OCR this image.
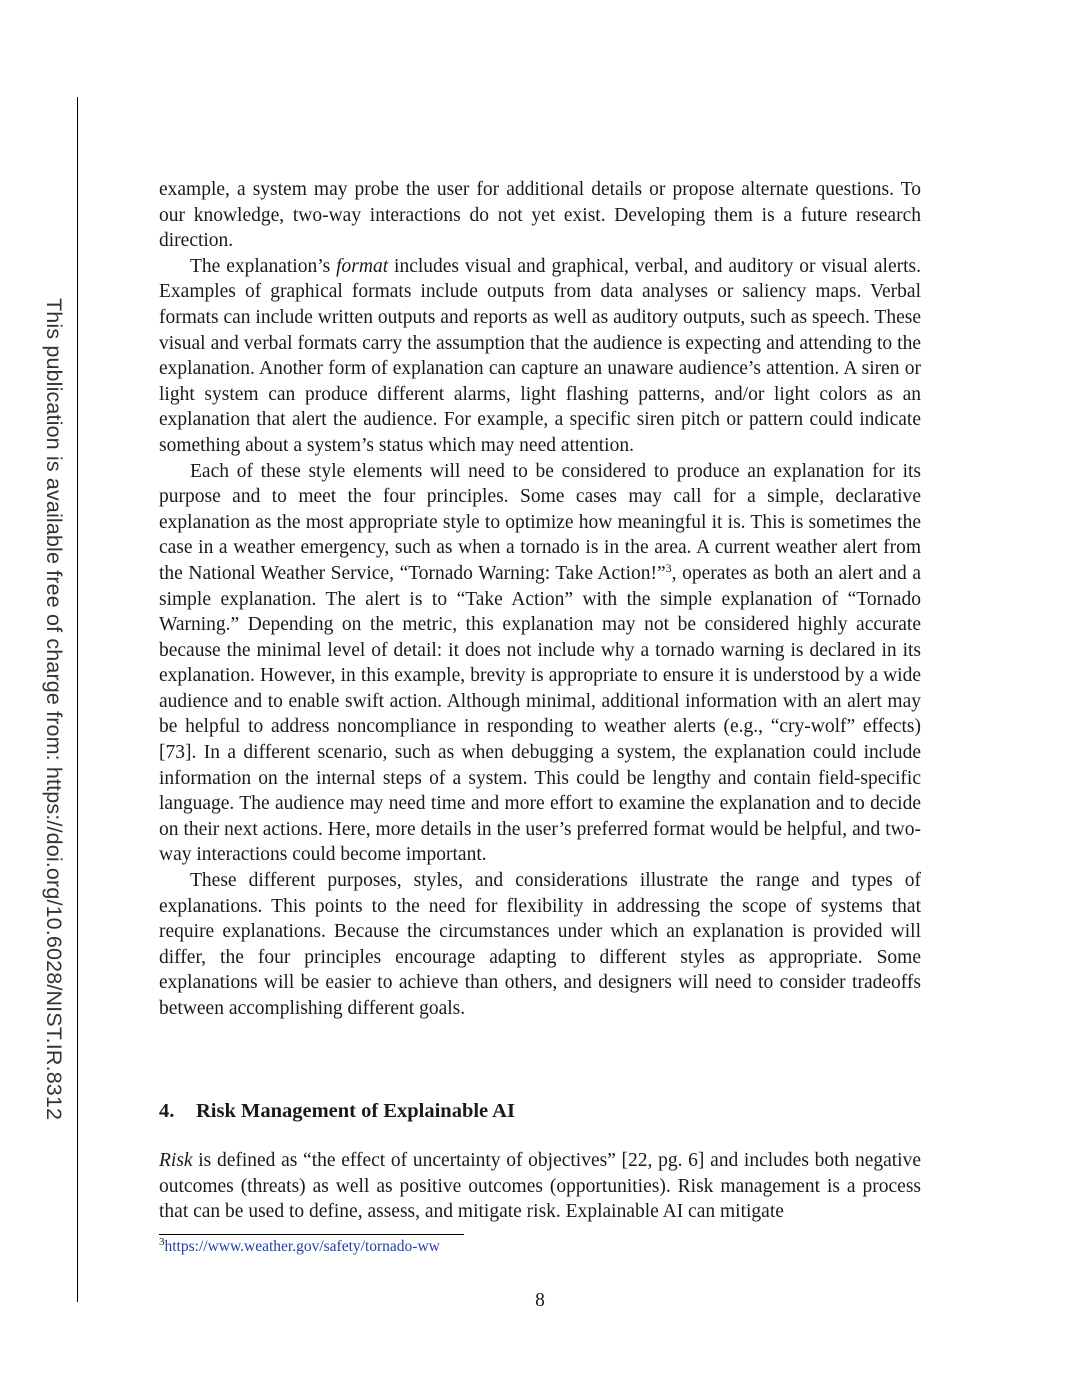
This publication is available free of charge from: https://doi.org/10.6028/NIST.IR.8312

example, a system may probe the user for additional details or propose alternate questions. To our knowledge, two-way interactions do not yet exist. Developing them is a future research direction.

The explanation’s format includes visual and graphical, verbal, and auditory or visual alerts. Examples of graphical formats include outputs from data analyses or saliency maps. Verbal formats can include written outputs and reports as well as auditory outputs, such as speech. These visual and verbal formats carry the assumption that the audience is expecting and attending to the explanation. Another form of explanation can capture an unaware audience’s attention. A siren or light system can produce different alarms, light flashing patterns, and/or light colors as an explanation that alert the audience. For example, a specific siren pitch or pattern could indicate something about a system’s status which may need attention.

Each of these style elements will need to be considered to produce an explanation for its purpose and to meet the four principles. Some cases may call for a simple, declarative explanation as the most appropriate style to optimize how meaningful it is. This is sometimes the case in a weather emergency, such as when a tornado is in the area. A current weather alert from the National Weather Service, “Tornado Warning: Take Action!”$^3$, operates as both an alert and a simple explanation. The alert is to “Take Action” with the simple explanation of “Tornado Warning.” Depending on the metric, this explanation may not be considered highly accurate because the minimal level of detail: it does not include why a tornado warning is declared in its explanation. However, in this example, brevity is appropriate to ensure it is understood by a wide audience and to enable swift action. Although minimal, additional information with an alert may be helpful to address noncompliance in responding to weather alerts (e.g., “cry-wolf” effects) [73]. In a different scenario, such as when debugging a system, the explanation could include information on the internal steps of a system. This could be lengthy and contain field-specific language. The audience may need time and more effort to examine the explanation and to decide on their next actions. Here, more details in the user’s preferred format would be helpful, and two-way interactions could become important.

These different purposes, styles, and considerations illustrate the range and types of explanations. This points to the need for flexibility in addressing the scope of systems that require explanations. Because the circumstances under which an explanation is provided will differ, the four principles encourage adapting to different styles as appropriate. Some explanations will be easier to achieve than others, and designers will need to consider tradeoffs between accomplishing different goals.

4. Risk Management of Explainable AI

Risk is defined as “the effect of uncertainty of objectives” [22, pg. 6] and includes both negative outcomes (threats) as well as positive outcomes (opportunities). Risk management is a process that can be used to define, assess, and mitigate risk. Explainable AI can mitigate

$^3$https://www.weather.gov/safety/tornado-ww
8
